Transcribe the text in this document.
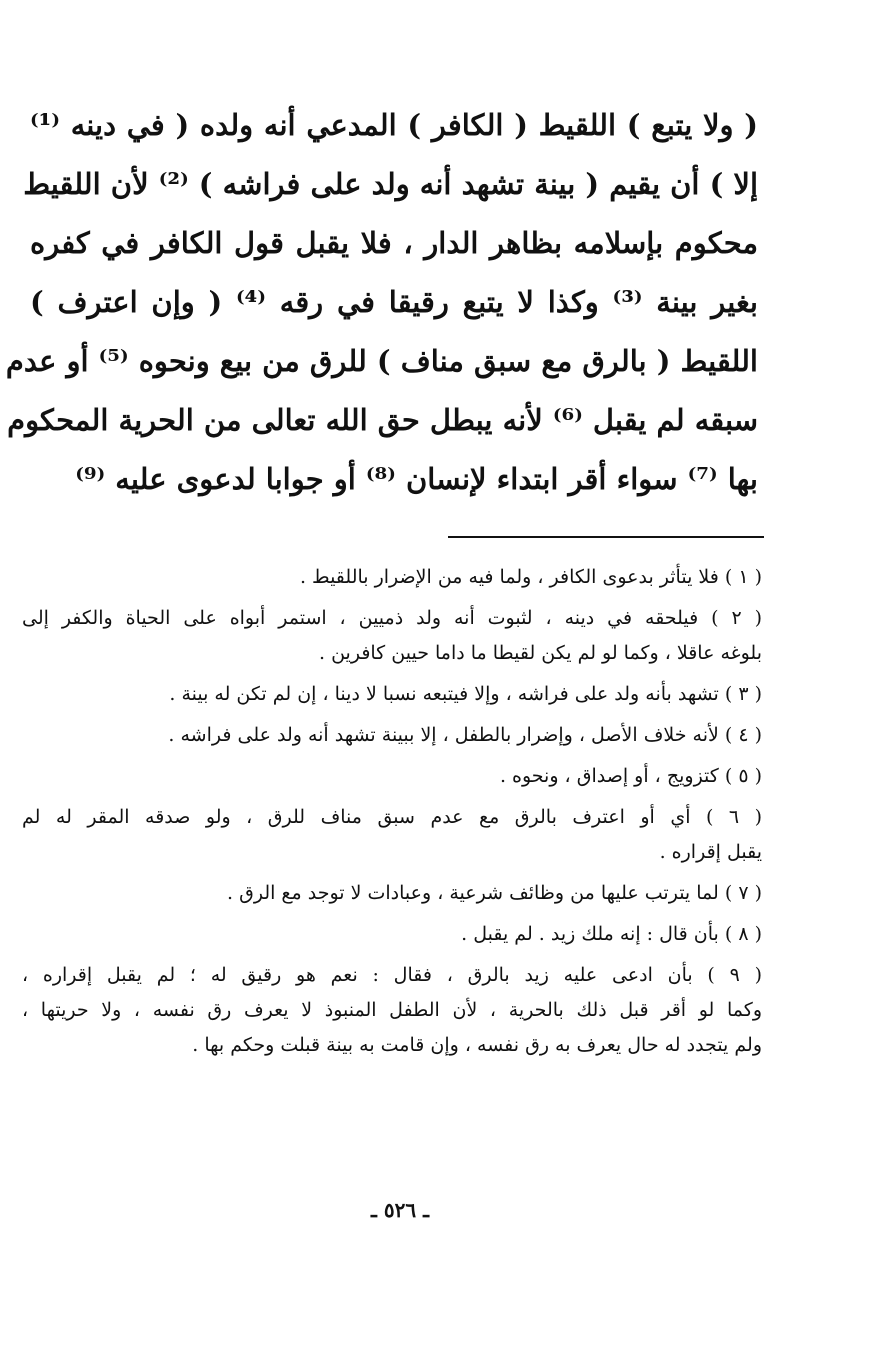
( ولا يتبع ) اللقيط ( الكافر ) المدعي أنه ولده ( في دينه ⁽¹⁾
إلا ) أن يقيم ( بينة تشهد أنه ولد على فراشه ) ⁽²⁾ لأن اللقيط
محكوم بإسلامه بظاهر الدار ، فلا يقبل قول الكافر في كفره
بغير بينة ⁽³⁾ وكذا لا يتبع رقيقا في رقه ⁽⁴⁾ ( وإن اعترف )
اللقيط ( بالرق مع سبق مناف ) للرق من بيع ونحوه ⁽⁵⁾ أو عدم
سبقه لم يقبل ⁽⁶⁾ لأنه يبطل حق الله تعالى من الحرية المحكوم
بها ⁽⁷⁾ سواء أقر ابتداء لإنسان ⁽⁸⁾ أو جوابا لدعوى عليه ⁽⁹⁾
( ١ ) فلا يتأثر بدعوى الكافر ، ولما فيه من الإضرار باللقيط .
( ٢ ) فيلحقه في دينه ، لثبوت أنه ولد ذميين ، استمر أبواه على الحياة والكفر إلى
بلوغه عاقلا ، وكما لو لم يكن لقيطا ما داما حيين كافرين .
( ٣ ) تشهد بأنه ولد على فراشه ، وإلا فيتبعه نسبا لا دينا ، إن لم تكن له بينة .
( ٤ ) لأنه خلاف الأصل ، وإضرار بالطفل ، إلا ببينة تشهد أنه ولد على فراشه .
( ٥ ) كتزويج ، أو إصداق ، ونحوه .
( ٦ ) أي أو اعترف بالرق مع عدم سبق مناف للرق ، ولو صدقه المقر له لم
يقبل إقراره .
( ٧ ) لما يترتب عليها من وظائف شرعية ، وعبادات لا توجد مع الرق .
( ٨ ) بأن قال : إنه ملك زيد . لم يقبل .
( ٩ ) بأن ادعى عليه زيد بالرق ، فقال : نعم هو رقيق له ؛ لم يقبل إقراره ،
وكما لو أقر قبل ذلك بالحرية ، لأن الطفل المنبوذ لا يعرف رق نفسه ، ولا حريتها ،
ولم يتجدد له حال يعرف به رق نفسه ، وإن قامت به بينة قبلت وحكم بها .
ـ ٥٢٦ ـ
